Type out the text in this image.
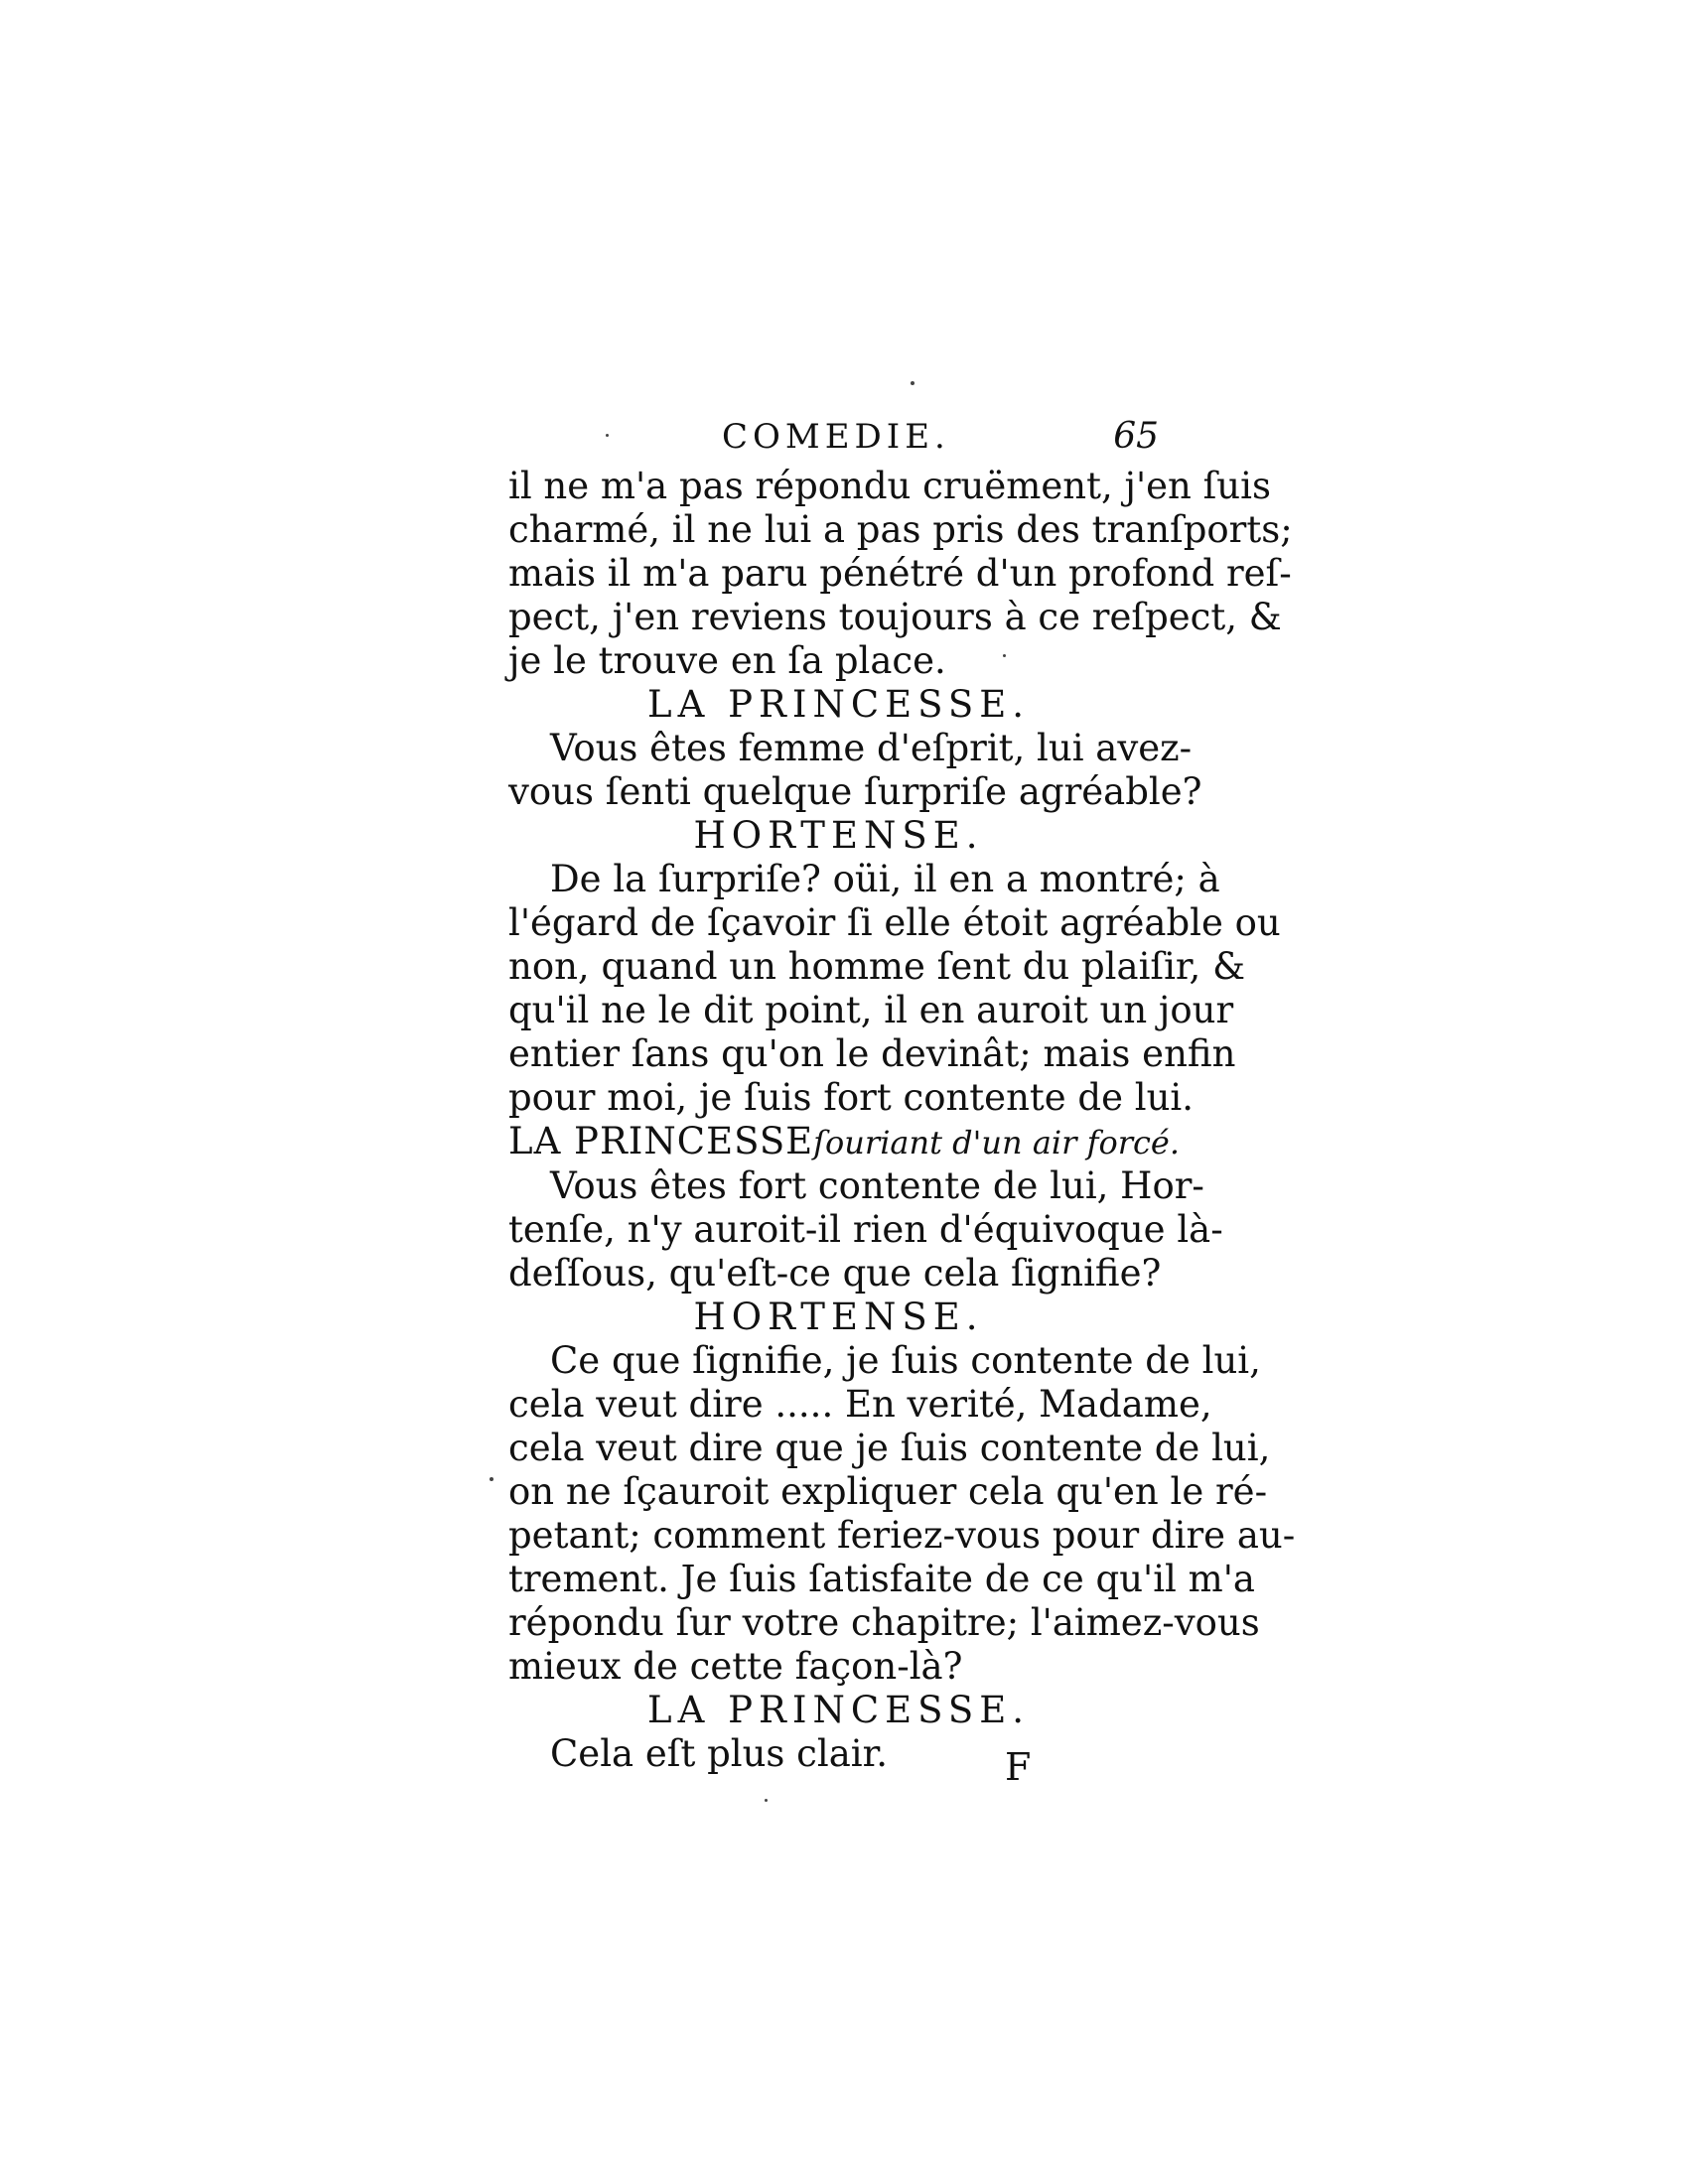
COMEDIE.	65
il ne m'a pas répondu cruëment, j'en ſuis
charmé, il ne lui a pas pris des tranſports;
mais il m'a paru pénétré d'un profond reſ-
pect, j'en reviens toujours à ce reſpect, &
je le trouve en ſa place.
LA PRINCESSE.
Vous êtes femme d'eſprit, lui avez-
vous ſenti quelque ſurpriſe agréable?
HORTENSE.
De la ſurpriſe? oüi, il en a montré; à
l'égard de ſçavoir ſi elle étoit agréable ou
non, quand un homme ſent du plaiſir, &
qu'il ne le dit point, il en auroit un jour
entier ſans qu'on le devinât; mais enfin
pour moi, je ſuis fort contente de lui.
LA PRINCESSEſouriant d'un air forcé.
Vous êtes fort contente de lui, Hor-
tenſe, n'y auroit-il rien d'équivoque là-
deſſous, qu'eſt-ce que cela ſignifie?
HORTENSE.
Ce que ſignifie, je ſuis contente de lui,
cela veut dire ..... En verité, Madame,
cela veut dire que je ſuis contente de lui,
on ne ſçauroit expliquer cela qu'en le ré-
petant; comment feriez-vous pour dire au-
trement. Je ſuis ſatisfaite de ce qu'il m'a
répondu ſur votre chapitre; l'aimez-vous
mieux de cette façon-là?
LA PRINCESSE.
Cela eſt plus clair.	F
